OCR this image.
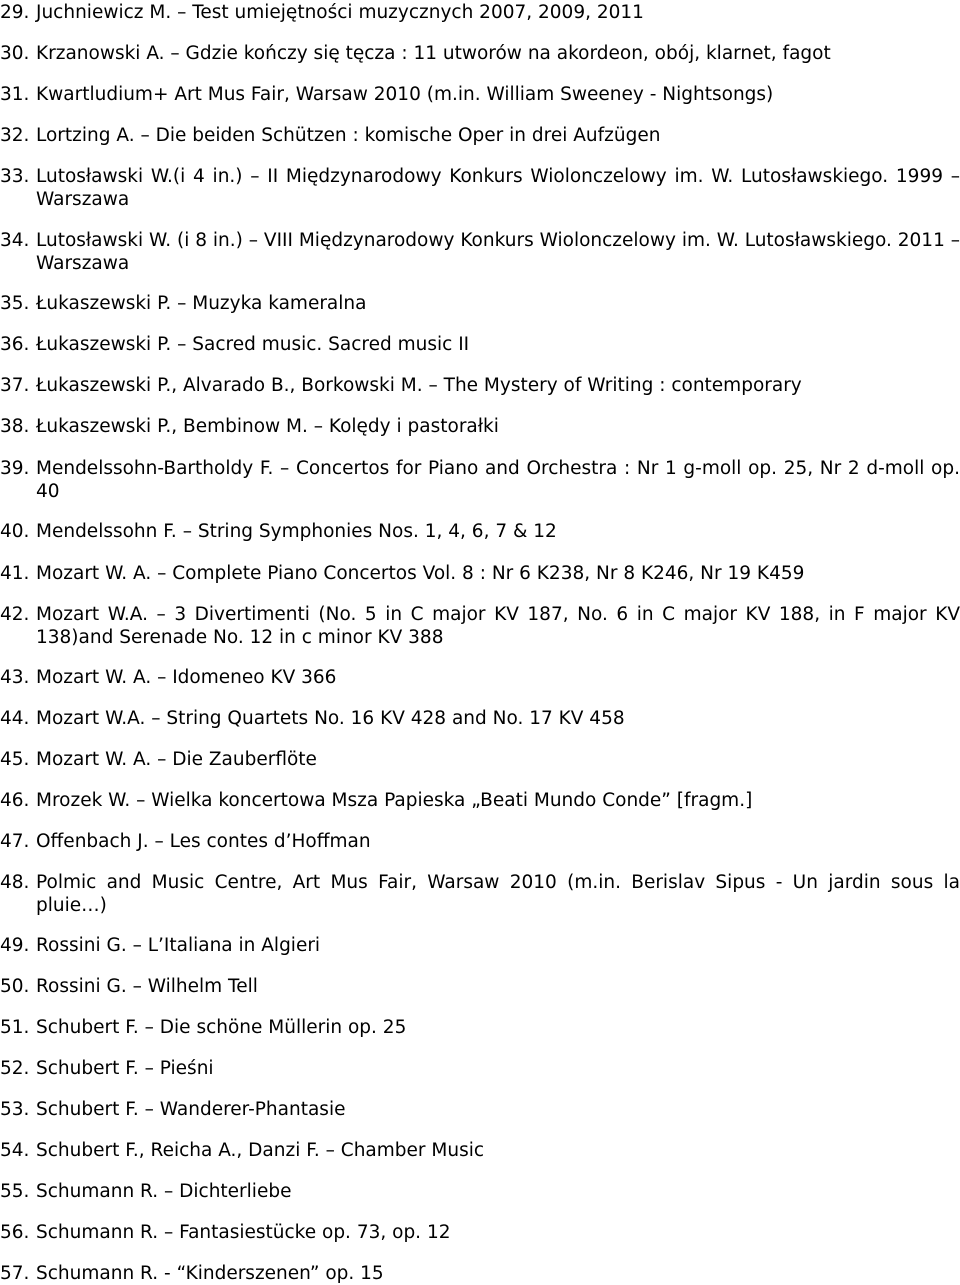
29. Juchniewicz M. – Test umiejętności muzycznych 2007, 2009, 2011
30. Krzanowski A. – Gdzie kończy się tęcza : 11 utworów na akordeon, obój, klarnet, fagot
31. Kwartludium+ Art Mus Fair, Warsaw 2010 (m.in. William Sweeney - Nightsongs)
32. Lortzing A. – Die beiden Schützen : komische Oper in drei Aufzügen
33. Lutosławski W.(i 4 in.) – II Międzynarodowy Konkurs Wiolonczelowy im. W. Lutosławskiego. 1999 – Warszawa
34. Lutosławski W. (i 8 in.) – VIII Międzynarodowy Konkurs Wiolonczelowy im. W. Lutosławskiego. 2011 – Warszawa
35. Łukaszewski P. – Muzyka kameralna
36. Łukaszewski P. – Sacred music. Sacred music II
37. Łukaszewski P., Alvarado B., Borkowski M. – The Mystery of Writing : contemporary
38. Łukaszewski P., Bembinow M. – Kolędy i pastorałki
39. Mendelssohn-Bartholdy F. – Concertos for Piano and Orchestra : Nr 1 g-moll op. 25, Nr 2 d-moll op. 40
40. Mendelssohn F. – String Symphonies Nos. 1, 4, 6, 7 & 12
41. Mozart W. A. – Complete Piano Concertos Vol. 8 : Nr 6 K238, Nr 8 K246, Nr 19 K459
42. Mozart W.A. – 3 Divertimenti (No. 5 in C major KV 187, No. 6 in C major KV 188, in F major KV 138)and Serenade No. 12 in c minor KV 388
43. Mozart W. A. – Idomeneo KV 366
44. Mozart W.A. – String Quartets No. 16 KV 428 and No. 17 KV 458
45. Mozart W. A. – Die Zauberflöte
46. Mrozek W. – Wielka koncertowa Msza Papieska „Beati Mundo Conde” [fragm.]
47. Offenbach J. – Les contes d’Hoffman
48. Polmic and Music Centre, Art Mus Fair, Warsaw 2010 (m.in. Berislav Sipus - Un jardin sous la pluie…)
49. Rossini G. – L’Italiana in Algieri
50. Rossini G. – Wilhelm Tell
51. Schubert F. – Die schöne Müllerin op. 25
52. Schubert F. – Pieśni
53. Schubert F. – Wanderer-Phantasie
54. Schubert F., Reicha A., Danzi F. – Chamber Music
55. Schumann R. – Dichterliebe
56. Schumann R. – Fantasiestücke op. 73, op. 12
57. Schumann R. - “Kinderszenen” op. 15
